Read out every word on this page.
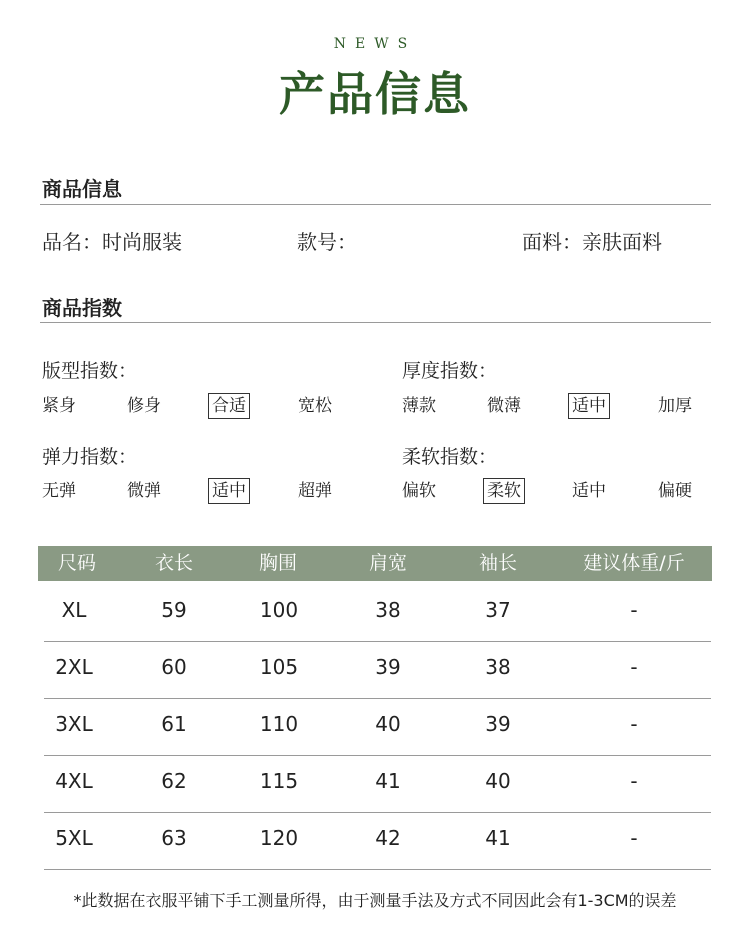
NEWS
产品信息
商品信息
品名：时尚服装	款号：	面料：亲肤面料
商品指数
版型指数：
紧身	修身	合适	宽松
厚度指数：
薄款	微薄	适中	加厚
弹力指数：
无弹	微弹	适中	超弹
柔软指数：
偏软	柔软	适中	偏硬
尺码	衣长	胸围	肩宽	袖长	建议体重/斤
XL	59	100	38	37	-
2XL	60	105	39	38	-
3XL	61	110	40	39	-
4XL	62	115	41	40	-
5XL	63	120	42	41	-
*此数据在衣服平铺下手工测量所得，由于测量手法及方式不同因此会有1-3CM的误差
